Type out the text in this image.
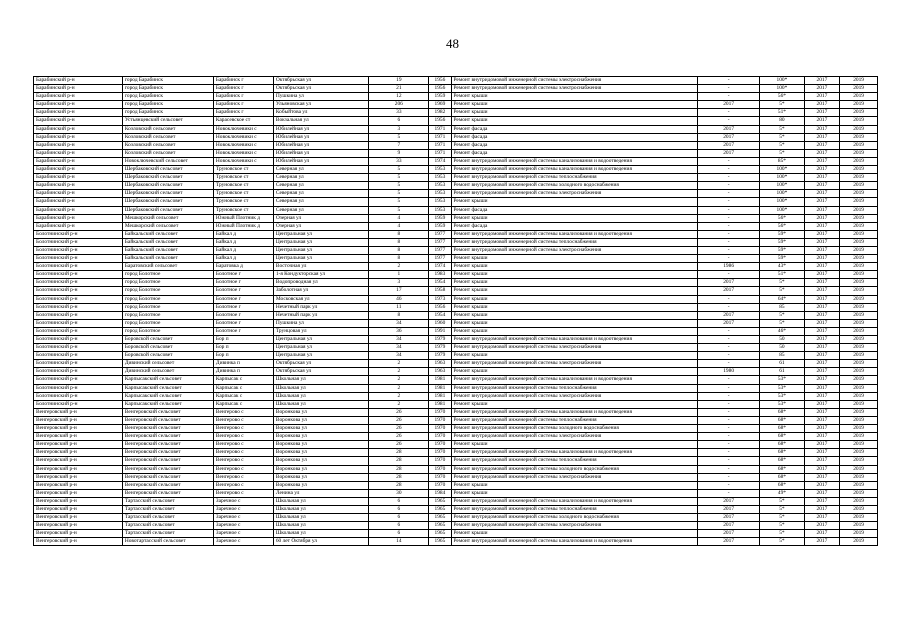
48
Барабинский р-н	город Барабинск	Барабинск г	Октябрьская ул	19	1956	Ремонт внутридомовой инженерной системы электроснабжения	-	100*	2017	2019
Барабинский р-н	город Барабинск	Барабинск г	Октябрьская ул	21	1956	Ремонт внутридомовой инженерной системы электроснабжения	-	100*	2017	2019
Барабинский р-н	город Барабинск	Барабинск г	Пушкина ул	12	1959	Ремонт крыши	-	56*	2017	2019
Барабинский р-н	город Барабинск	Барабинск г	Ульяновская ул	206	1969	Ремонт крыши	2017	5*	2017	2019
Барабинский р-н	город Барабинск	Барабинск г	Кобыйтова ул	33	1982	Ремонт крыши	-	51*	2017	2019
Барабинский р-н	Устьянцевский сельсовет	Карасевское ст	Вокзальная ул	6	1956	Ремонт крыши	-	80	2017	2019
Барабинский р-н	Козловский сельсовет	Новоключевики с	Юбилейная ул	3	1971	Ремонт фасада	2017	5*	2017	2019
Барабинский р-н	Козловский сельсовет	Новоключевики с	Юбилейная ул	5	1971	Ремонт фасада	2017	5*	2017	2019
Барабинский р-н	Козловский сельсовет	Новоключевики с	Юбилейная ул	7	1971	Ремонт фасада	2017	5*	2017	2019
Барабинский р-н	Козловский сельсовет	Новоключевики с	Юбилейная ул	9	1971	Ремонт фасада	2017	5*	2017	2019
Барабинский р-н	Новоключевский сельсовет	Новоключевики с	Юбилейная ул	33	1974	Ремонт внутридомовой инженерной системы канализования и водоотведения	-	85*	2017	2019
Барабинский р-н	Шербаковский сельсовет	Труновское ст	Северная ул	5	1953	Ремонт внутридомовой инженерной системы канализования и водоотведения	-	100*	2017	2019
Барабинский р-н	Шербаковский сельсовет	Труновское ст	Северная ул	5	1953	Ремонт внутридомовой инженерной системы теплоснабжения	-	100*	2017	2019
Барабинский р-н	Шербаковский сельсовет	Труновское ст	Северная ул	5	1953	Ремонт внутридомовой инженерной системы холодного водоснабжения	-	100*	2017	2019
Барабинский р-н	Шербаковский сельсовет	Труновское ст	Северная ул	5	1953	Ремонт внутридомовой инженерной системы электроснабжения	-	100*	2017	2019
Барабинский р-н	Шербаковский сельсовет	Труновское ст	Северная ул	5	1953	Ремонт крыши	-	100*	2017	2019
Барабинский р-н	Шербаковский сельсовет	Труновское ст	Северная ул	5	1953	Ремонт фасада	-	100*	2017	2019
Барабинский р-н	Мешкорский сельсовет	Южный Плотник д	Озерная ул	4	1959	Ремонт крыши	-	56*	2017	2019
Барабинский р-н	Мешкорский сельсовет	Южный Плотник д	Озерная ул	4	1959	Ремонт фасада	-	56*	2017	2019
Болотнинский р-н	Байкальский сельсовет	Байкал д	Центральная ул	8	1977	Ремонт внутридомовой инженерной системы канализования и водоотведения	-	59*	2017	2019
Болотнинский р-н	Байкальский сельсовет	Байкал д	Центральная ул	8	1977	Ремонт внутридомовой инженерной системы теплоснабжения	-	59*	2017	2019
Болотнинский р-н	Байкальский сельсовет	Байкал д	Центральная ул	8	1977	Ремонт внутридомовой инженерной системы электроснабжения	-	59*	2017	2019
Болотнинский р-н	Байкальский сельсовет	Байкал д	Центральная ул	8	1977	Ремонт крыши	-	59*	2017	2019
Болотнинский р-н	Баратовский сельсовет	Баратовка д	Восточная ул	2	1974	Ремонт крыши	1986	43*	2017	2019
Болотнинский р-н	город Болотное	Болотное г	1-я Кондукторская ул	1	1983	Ремонт крыши	-	51*	2017	2019
Болотнинский р-н	город Болотное	Болотное г	Водопроводная ул	3	1954	Ремонт крыши	2017	5*	2017	2019
Болотнинский р-н	город Болотное	Болотное г	Заболотная ул	17	1958	Ремонт крыши	2017	5*	2017	2019
Болотнинский р-н	город Болотное	Болотное г	Московская ул	46	1973	Ремонт крыши	-	64*	2017	2019
Болотнинский р-н	город Болотное	Болотное г	Нечетный парк ул	11	1956	Ремонт крыши	-	85	2017	2019
Болотнинский р-н	город Болотное	Болотное г	Нечетный парк ул	8	1954	Ремонт крыши	2017	5*	2017	2019
Болотнинский р-н	город Болотное	Болотное г	Пушкина ул	34	1960	Ремонт крыши	2017	5*	2017	2019
Болотнинский р-н	город Болотное	Болотное г	Трунцовая ул	36	1991	Ремонт крыши	-	46*	2017	2019
Болотнинский р-н	Боровской сельсовет	Бор п	Центральная ул	34	1979	Ремонт внутридомовой инженерной системы канализования и водоотведения	-	50	2017	2019
Болотнинский р-н	Боровской сельсовет	Бор п	Центральная ул	34	1979	Ремонт внутридомовой инженерной системы электроснабжения	-	50	2017	2019
Болотнинский р-н	Боровской сельсовет	Бор п	Центральная ул	34	1979	Ремонт крыши	-	85	2017	2019
Болотнинский р-н	Дивинский сельсовет	Дивинка п	Октябрьская ул	2	1963	Ремонт внутридомовой инженерной системы электроснабжения	-	61	2017	2019
Болотнинский р-н	Дивинский сельсовет	Дивинка п	Октябрьская ул	2	1963	Ремонт крыши	1980	61	2017	2019
Болотнинский р-н	Карпысакский сельсовет	Карпысак с	Школьная ул	2	1981	Ремонт внутридомовой инженерной системы канализования и водоотведения	-	53*	2017	2019
Болотнинский р-н	Карпысакский сельсовет	Карпысак с	Школьная ул	2	1981	Ремонт внутридомовой инженерной системы теплоснабжения	-	53*	2017	2019
Болотнинский р-н	Карпысакский сельсовет	Карпысак с	Школьная ул	2	1981	Ремонт внутридомовой инженерной системы электроснабжения	-	53*	2017	2019
Болотнинский р-н	Карпысакский сельсовет	Карпысак с	Школьная ул	2	1981	Ремонт крыши	-	53*	2017	2019
Венгеровский р-н	Венгеровский сельсовет	Венгерово с	Воронкова ул	26	1970	Ремонт внутридомовой инженерной системы канализования и водоотведения	-	68*	2017	2019
Венгеровский р-н	Венгеровский сельсовет	Венгерово с	Воронкова ул	26	1970	Ремонт внутридомовой инженерной системы теплоснабжения	-	68*	2017	2019
Венгеровский р-н	Венгеровский сельсовет	Венгерово с	Воронкова ул	26	1970	Ремонт внутридомовой инженерной системы холодного водоснабжения	-	68*	2017	2019
Венгеровский р-н	Венгеровский сельсовет	Венгерово с	Воронкова ул	26	1970	Ремонт внутридомовой инженерной системы электроснабжения	-	68*	2017	2019
Венгеровский р-н	Венгеровский сельсовет	Венгерово с	Воронкова ул	26	1970	Ремонт крыши	-	68*	2017	2019
Венгеровский р-н	Венгеровский сельсовет	Венгерово с	Воронкова ул	28	1970	Ремонт внутридомовой инженерной системы канализования и водоотведения	-	68*	2017	2019
Венгеровский р-н	Венгеровский сельсовет	Венгерово с	Воронкова ул	28	1970	Ремонт внутридомовой инженерной системы теплоснабжения	-	68*	2017	2019
Венгеровский р-н	Венгеровский сельсовет	Венгерово с	Воронкова ул	28	1970	Ремонт внутридомовой инженерной системы холодного водоснабжения	-	68*	2017	2019
Венгеровский р-н	Венгеровский сельсовет	Венгерово с	Воронкова ул	28	1970	Ремонт внутридомовой инженерной системы электроснабжения	-	68*	2017	2019
Венгеровский р-н	Венгеровский сельсовет	Венгерово с	Воронкова ул	28	1970	Ремонт крыши	-	68*	2017	2019
Венгеровский р-н	Венгеровский сельсовет	Венгерово с	Ленина ул	30	1984	Ремонт крыши	-	49*	2017	2019
Венгеровский р-н	Тартасский сельсовет	Заречное с	Школьная ул	6	1965	Ремонт внутридомовой инженерной системы канализования и водоотведения	2017	5*	2017	2019
Венгеровский р-н	Тартасский сельсовет	Заречное с	Школьная ул	6	1965	Ремонт внутридомовой инженерной системы теплоснабжения	2017	5*	2017	2019
Венгеровский р-н	Тартасский сельсовет	Заречное с	Школьная ул	6	1965	Ремонт внутридомовой инженерной системы холодного водоснабжения	2017	5*	2017	2019
Венгеровский р-н	Тартасский сельсовет	Заречное с	Школьная ул	6	1965	Ремонт внутридомовой инженерной системы электроснабжения	2017	5*	2017	2019
Венгеровский р-н	Тартасский сельсовет	Заречное с	Школьная ул	6	1965	Ремонт крыши	2017	5*	2017	2019
Венгеровский р-н	Новотартасский сельсовет	Заречное с	60 лет Октября ул	14	1965	Ремонт внутридомовой инженерной системы канализования и водоотведения	2017	5*	2017	2019
